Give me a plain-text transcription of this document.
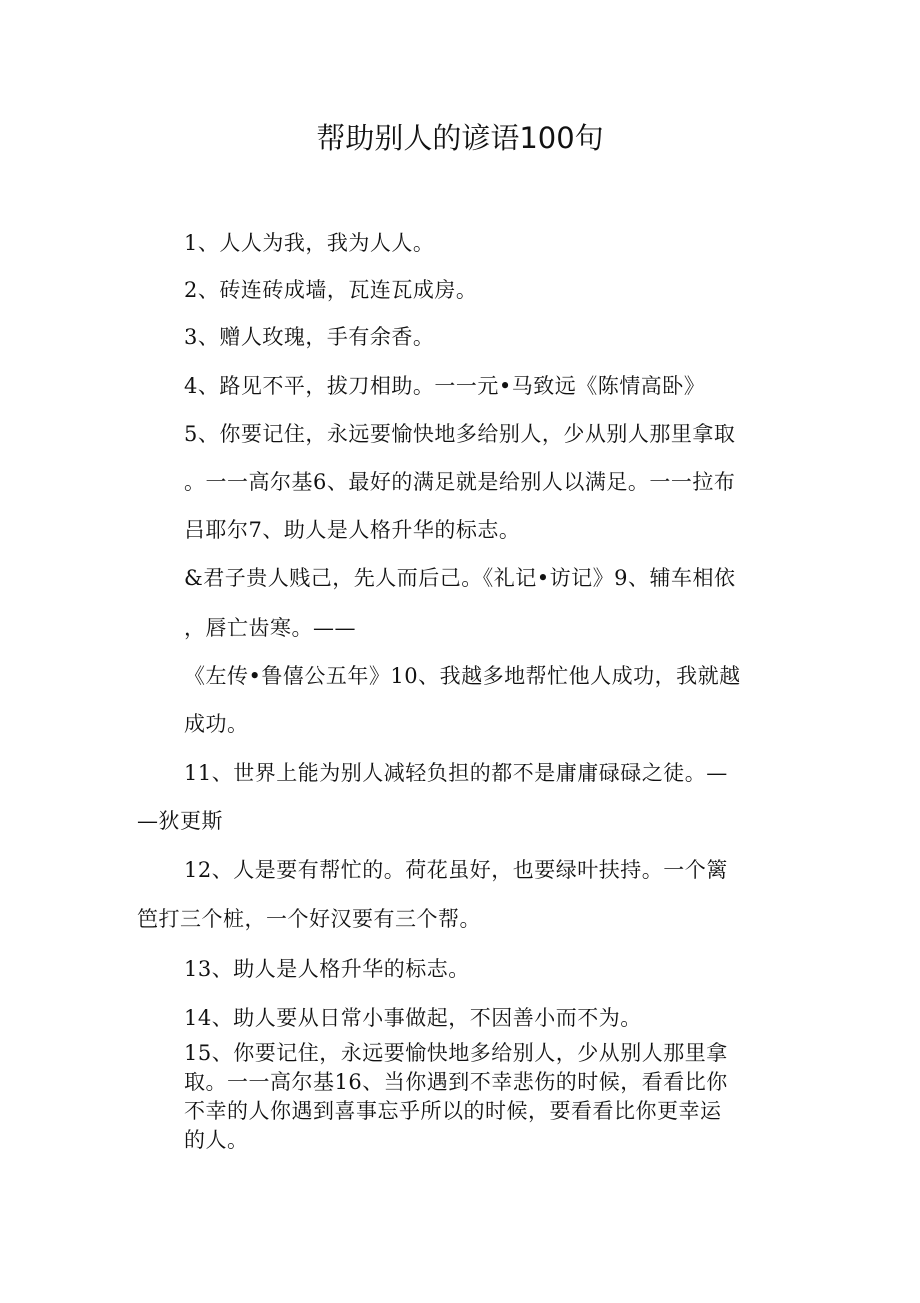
帮助别人的谚语100句
1、人人为我，我为人人。
2、砖连砖成墙，瓦连瓦成房。
3、赠人玫瑰，手有余香。
4、路见不平，拔刀相助。一一元•马致远《陈情高卧》
5、你要记住，永远要愉快地多给别人，少从别人那里拿取
。一一高尔基6、最好的满足就是给别人以满足。一一拉布
吕耶尔7、助人是人格升华的标志。
&君子贵人贱己，先人而后己。《礼记•访记》9、辅车相依
，唇亡齿寒。——
《左传•鲁僖公五年》10、我越多地帮忙他人成功，我就越
成功。
11、世界上能为别人减轻负担的都不是庸庸碌碌之徒。—
—狄更斯
12、人是要有帮忙的。荷花虽好，也要绿叶扶持。一个篱
笆打三个桩，一个好汉要有三个帮。
13、助人是人格升华的标志。
14、助人要从日常小事做起，不因善小而不为。
15、你要记住，永远要愉快地多给别人，少从别人那里拿
取。一一高尔基16、当你遇到不幸悲伤的时候，看看比你
不幸的人你遇到喜事忘乎所以的时候，要看看比你更幸运
的人。
